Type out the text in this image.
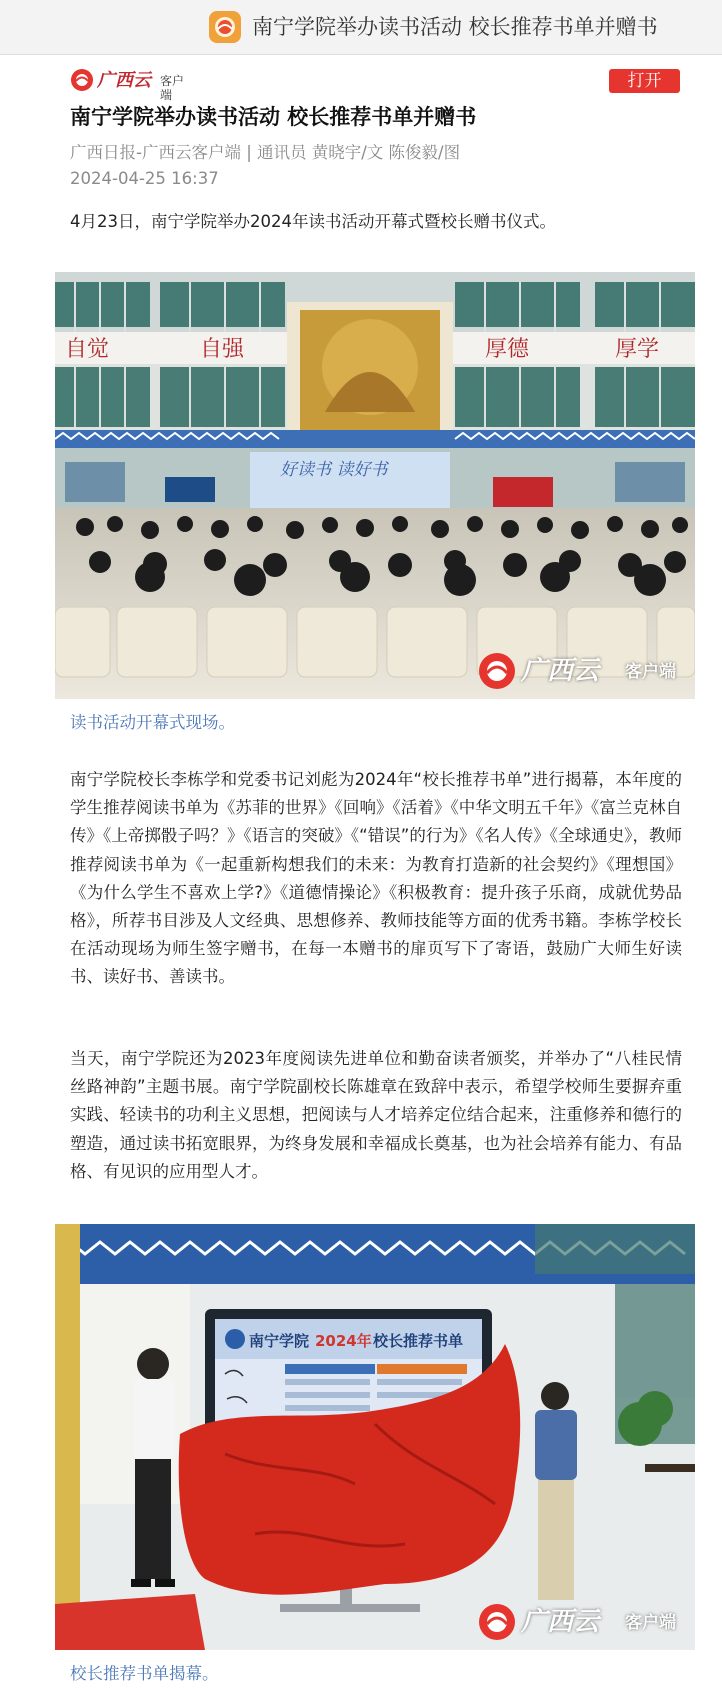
南宁学院举办读书活动 校长推荐书单并赠书
广西云 客户端
打开
南宁学院举办读书活动 校长推荐书单并赠书
广西日报-广西云客户端 | 通讯员 黄晓宇/文 陈俊毅/图
2024-04-25 16:37

4月23日，南宁学院举办2024年读书活动开幕式暨校长赠书仪式。

自觉	自强	厚德	厚学
好读书 读好书
广西云 客户端
读书活动开幕式现场。

南宁学院校长李栋学和党委书记刘彪为2024年“校长推荐书单”进行揭幕，本年度的学生推荐阅读书单为《苏菲的世界》《回响》《活着》《中华文明五千年》《富兰克林自传》《上帝掷骰子吗？》《语言的突破》《“错误”的行为》《名人传》《全球通史》，教师推荐阅读书单为《一起重新构想我们的未来：为教育打造新的社会契约》《理想国》《为什么学生不喜欢上学?》《道德情操论》《积极教育：提升孩子乐商，成就优势品格》，所荐书目涉及人文经典、思想修养、教师技能等方面的优秀书籍。李栋学校长在活动现场为师生签字赠书，在每一本赠书的扉页写下了寄语，鼓励广大师生好读书、读好书、善读书。

当天，南宁学院还为2023年度阅读先进单位和勤奋读者颁奖，并举办了“八桂民情 丝路神韵”主题书展。南宁学院副校长陈雄章在致辞中表示，希望学校师生要摒弃重实践、轻读书的功利主义思想，把阅读与人才培养定位结合起来，注重修养和德行的塑造，通过读书拓宽眼界，为终身发展和幸福成长奠基，也为社会培养有能力、有品格、有见识的应用型人才。

南宁学院 2024年 校长推荐书单
广西云 客户端
校长推荐书单揭幕。
